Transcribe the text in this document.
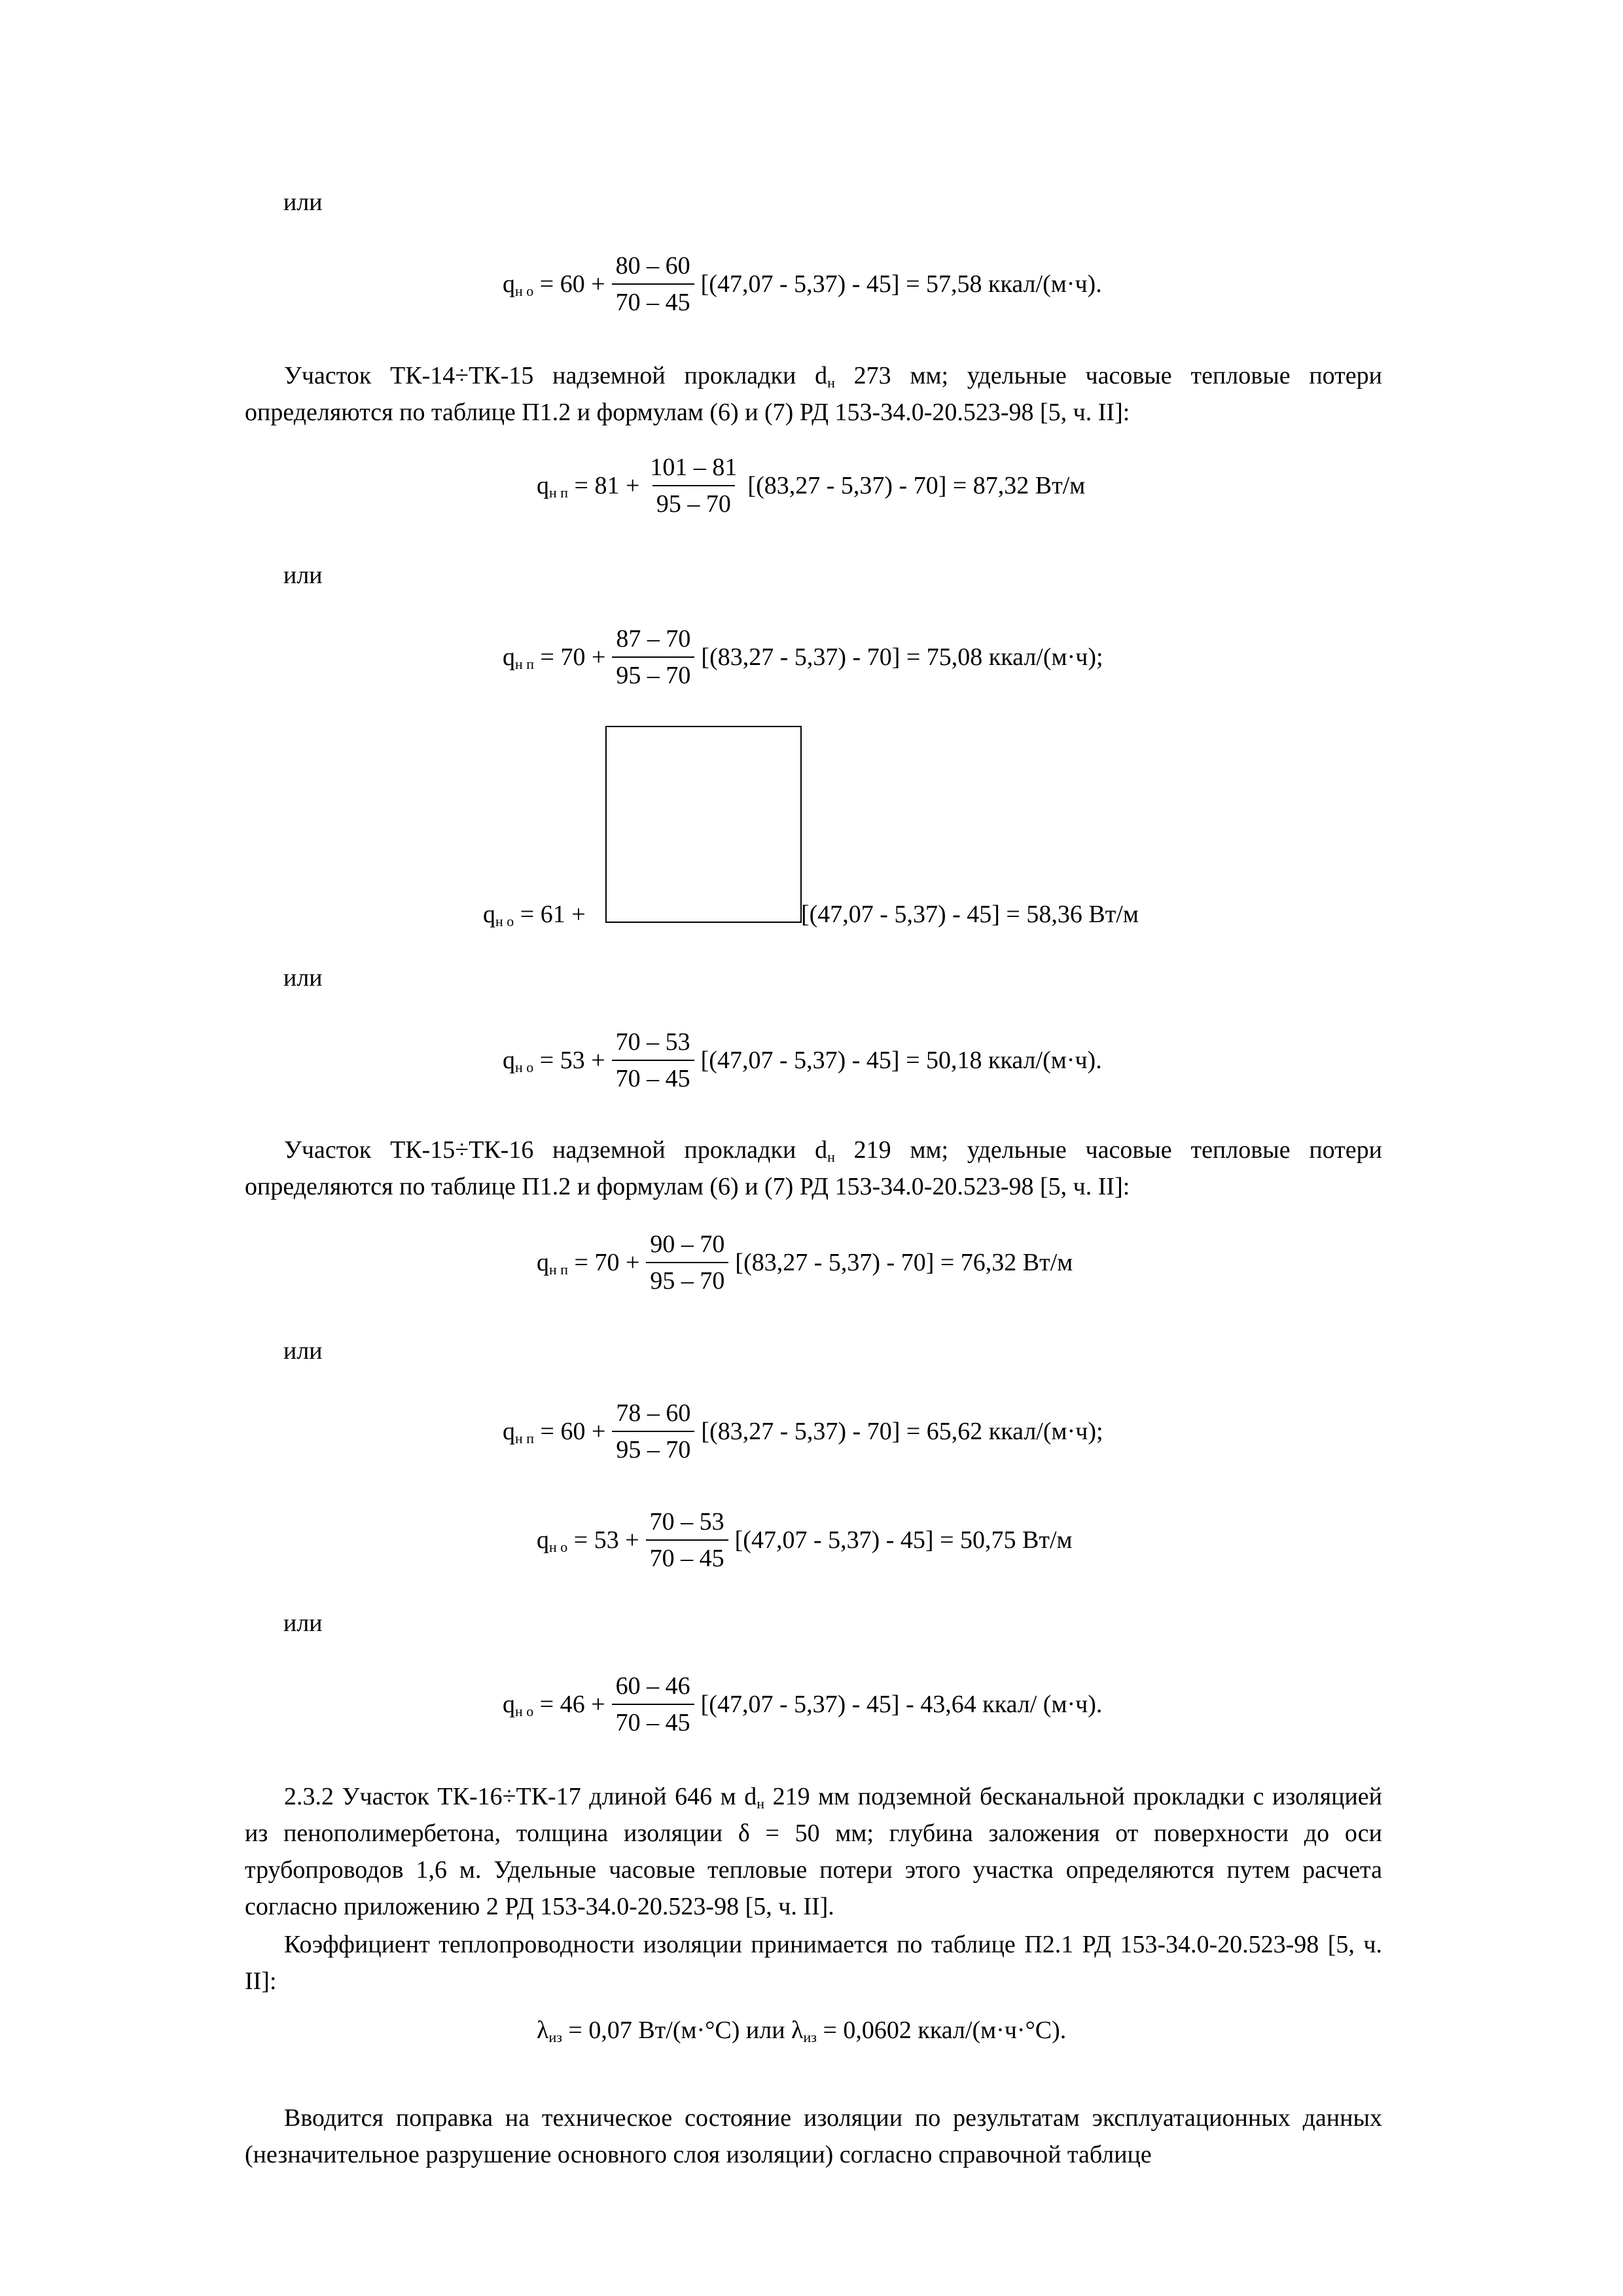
или
$q_{н о}$
= $60 + \frac{80 - 60}{70 - 45} [(47,07 - 5,37) - 45] = 57,58$ ккал/(м·ч).
Участок ТК-14÷ТК-15 надземной прокладки $d_н$ 273 мм; удельные часовые тепловые потери определяются по таблице П1.2 и формулам (6) и (7) РД 153-34.0-20.523-98 [5, ч. II]:
$q_{н п}$
= $81 + \frac{101 - 81}{95 - 70} [(83,27 - 5,37) - 70] = 87,32$ Вт/м
или
$q_{н п}$
= $70 + \frac{87 - 70}{95 - 70} [(83,27 - 5,37) - 70] = 75,08$ ккал/(м·ч);
$q_{н о} = 61$ +	[(47,07 - 5,37) - 45] = 58,36 Вт/м
или
$q_{н о}$
= $53 + \frac{70 - 53}{70 - 45} [(47,07 - 5,37) - 45] = 50,18$ ккал/(м·ч).
Участок ТК-15÷ТК-16 надземной прокладки $d_н$ 219 мм; удельные часовые тепловые потери определяются по таблице П1.2 и формулам (6) и (7) РД 153-34.0-20.523-98 [5, ч. II]:
$q_{н п}$
= $70 + \frac{90 - 70}{95 - 70} [(83,27 - 5,37) - 70] = 76,32$ Вт/м
или
$q_{н п}$
= $60 + \frac{78 - 60}{95 - 70} [(83,27 - 5,37) - 70] = 65,62$ ккал/(м·ч);
$q_{н о}$
= $53 + \frac{70 - 53}{70 - 45} [(47,07 - 5,37) - 45] = 50,75$ Вт/м
или
$q_{н о}$
= $46 + \frac{60 - 46}{70 - 45} [(47,07 - 5,37) - 45] - 43,64$ ккал/ (м·ч).
2.3.2 Участок ТК-16÷ТК-17 длиной 646 м $d_н$ 219 мм подземной бесканальной прокладки с изоляцией из пенополимербетона, толщина изоляции δ = 50 мм; глубина заложения от поверхности до оси трубопроводов 1,6 м. Удельные часовые тепловые потери этого участка определяются путем расчета согласно приложению 2 РД 153-34.0-20.523-98 [5, ч. II].
Коэффициент теплопроводности изоляции принимается по таблице П2.1 РД 153-34.0-20.523-98 [5, ч. II]:
$\lambda_{из} = 0,07$ Вт/(м·°С) или $\lambda_{из} = 0,0602$ ккал/(м·ч·°С).
Вводится поправка на техническое состояние изоляции по результатам эксплуатационных данных (незначительное разрушение основного слоя изоляции) согласно справочной таблице
